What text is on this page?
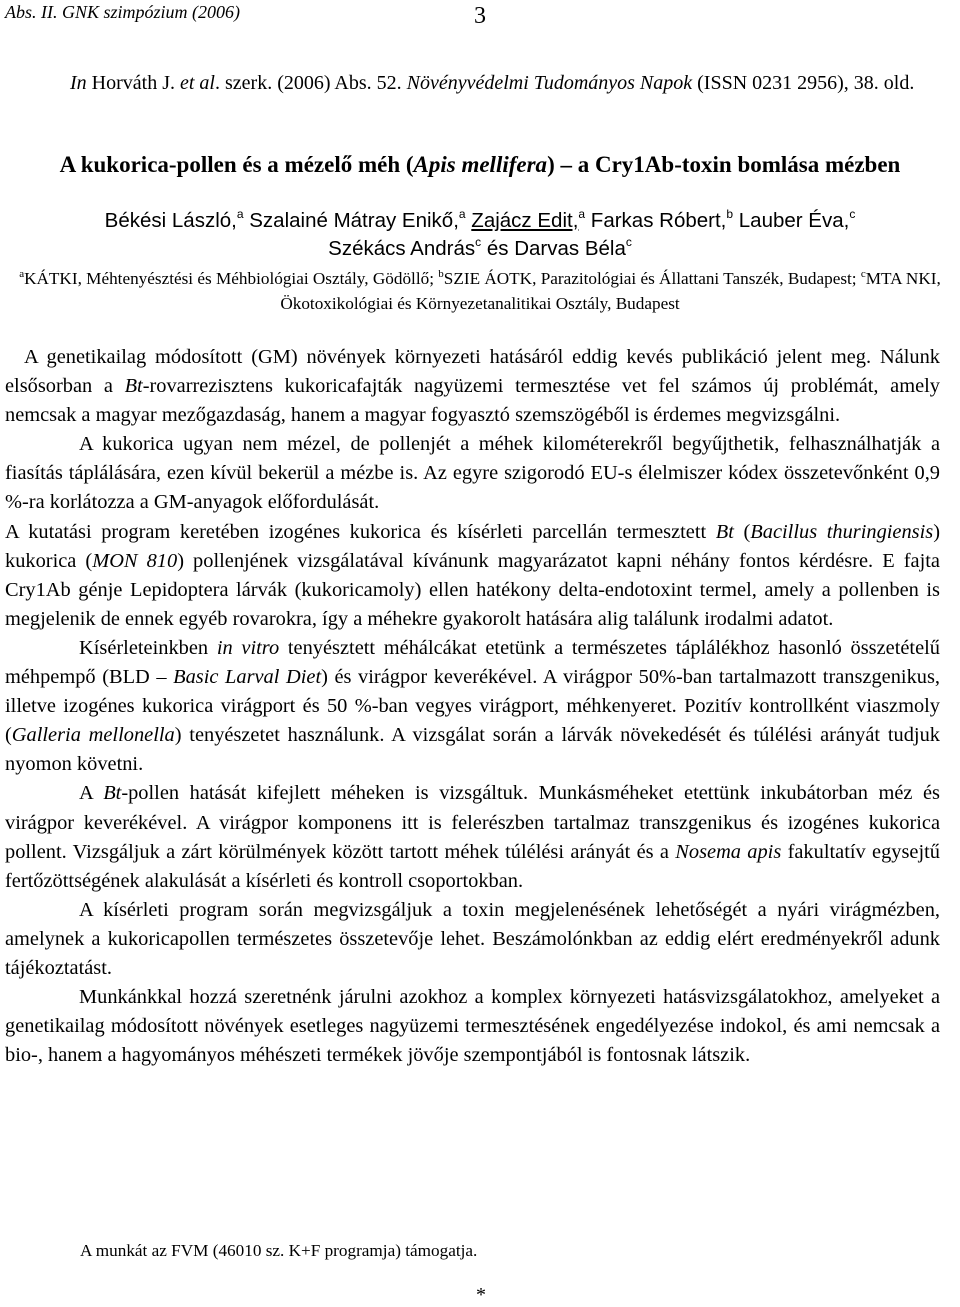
Abs. II. GNK szimpózium (2006)	3
In Horváth J. et al. szerk. (2006) Abs. 52. Növényvédelmi Tudományos Napok (ISSN 0231 2956), 38. old.
A kukorica-pollen és a mézelő méh (Apis mellifera) – a Cry1Ab-toxin bomlása mézben
Békési László,$^a$ Szalainé Mátray Enikő,$^a$ Zajácz Edit,$^a$ Farkas Róbert,$^b$ Lauber Éva,$^c$
Székács András$^c$ és Darvas Béla$^c$
$^a$KÁTKI, Méhtenyésztési és Méhbiológiai Osztály, Gödöllő; $^b$SZIE ÁOTK, Parazitológiai és Állattani Tanszék, Budapest; $^c$MTA NKI, Ökotoxikológiai és Környezetanalitikai Osztály, Budapest

A genetikailag módosított (GM) növények környezeti hatásáról eddig kevés publikáció jelent meg. Nálunk elsősorban a Bt-rovarrezisztens kukoricafajták nagyüzemi termesztése vet fel számos új problémát, amely nemcsak a magyar mezőgazdaság, hanem a magyar fogyasztó szemszögéből is érdemes megvizsgálni.

A kukorica ugyan nem mézel, de pollenjét a méhek kilométerekről begyűjthetik, felhasználhatják a fiasítás táplálására, ezen kívül bekerül a mézbe is. Az egyre szigorodó EU-s élelmiszer kódex összetevőnként 0,9 %-ra korlátozza a GM-anyagok előfordulását.

A kutatási program keretében izogénes kukorica és kísérleti parcellán termesztett Bt (Bacillus thuringiensis) kukorica (MON 810) pollenjének vizsgálatával kívánunk magyarázatot kapni néhány fontos kérdésre. E fajta Cry1Ab génje Lepidoptera lárvák (kukoricamoly) ellen hatékony delta-endotoxint termel, amely a pollenben is megjelenik de ennek egyéb rovarokra, így a méhekre gyakorolt hatására alig találunk irodalmi adatot.

Kísérleteinkben in vitro tenyésztett méhálcákat etetünk a természetes táplálékhoz hasonló összetételű méhpempő (BLD – Basic Larval Diet) és virágpor keverékével. A virágpor 50%-ban tartalmazott transzgenikus, illetve izogénes kukorica virágport és 50 %-ban vegyes virágport, méhkenyeret. Pozitív kontrollként viaszmoly (Galleria mellonella) tenyészetet használunk. A vizsgálat során a lárvák növekedését és túlélési arányát tudjuk nyomon követni.

A Bt-pollen hatását kifejlett méheken is vizsgáltuk. Munkásméheket etettünk inkubátorban méz és virágpor keverékével. A virágpor komponens itt is felerészben tartalmaz transzgenikus és izogénes kukorica pollent. Vizsgáljuk a zárt körülmények között tartott méhek túlélési arányát és a Nosema apis fakultatív egysejtű fertőzöttségének alakulását a kísérleti és kontroll csoportokban.

A kísérleti program során megvizsgáljuk a toxin megjelenésének lehetőségét a nyári virágmézben, amelynek a kukoricapollen természetes összetevője lehet. Beszámolónkban az eddig elért eredményekről adunk tájékoztatást.

Munkánkkal hozzá szeretnénk járulni azokhoz a komplex környezeti hatásvizsgálatokhoz, amelyeket a genetikailag módosított növények esetleges nagyüzemi termesztésének engedélyezése indokol, és ami nemcsak a bio-, hanem a hagyományos méhészeti termékek jövője szempontjából is fontosnak látszik.

A munkát az FVM (46010 sz. K+F programja) támogatja.
*
